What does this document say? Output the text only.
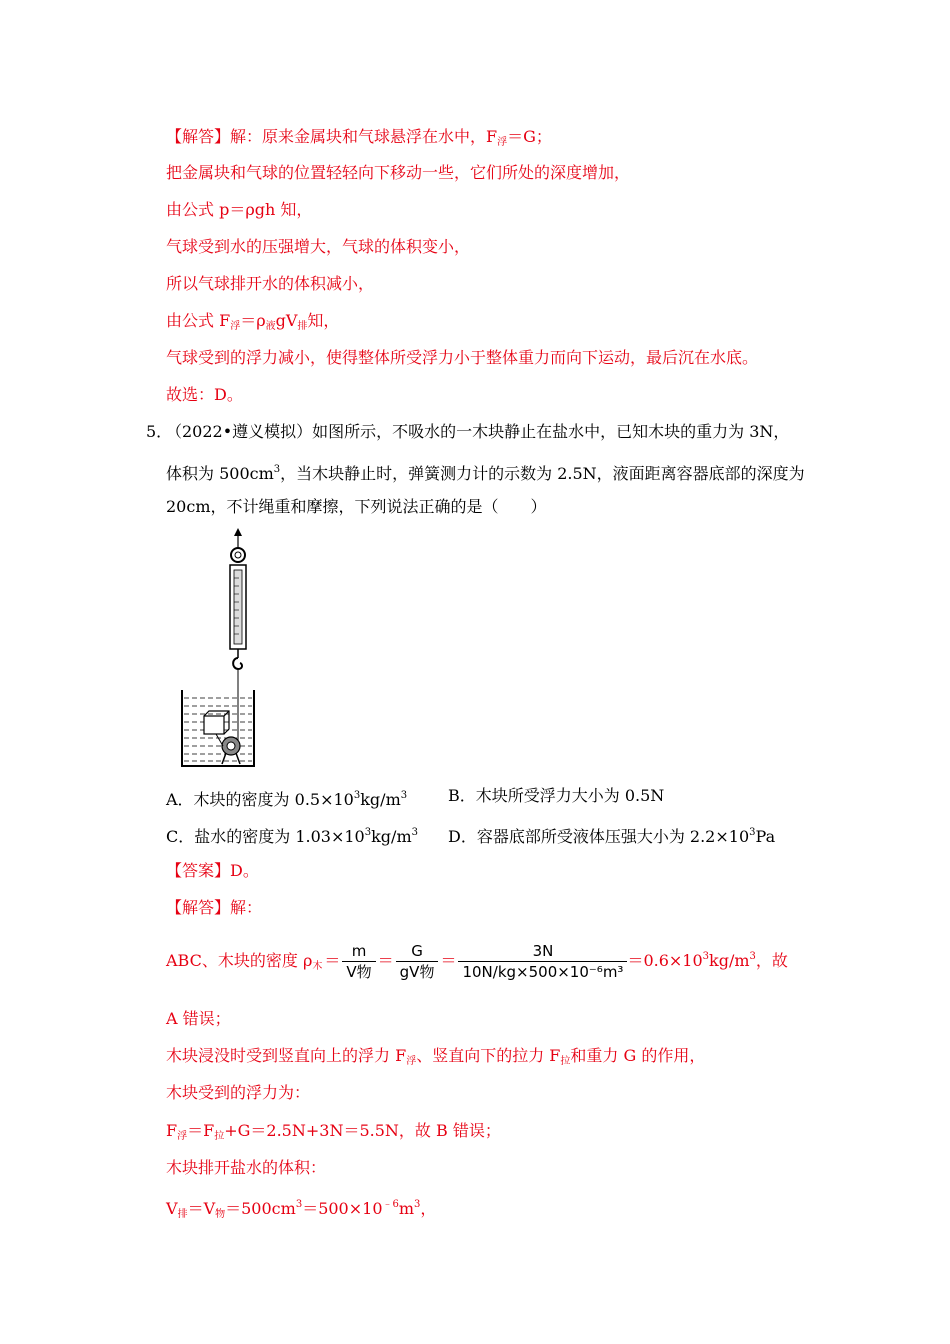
【解答】解：原来金属块和气球悬浮在水中，$F_浮=G$；
把金属块和气球的位置轻轻向下移动一些，它们所处的深度增加，
由公式 p＝ρgh 知，
气球受到水的压强增大，气球的体积变小，
所以气球排开水的体积减小，
由公式 $F_浮=\rho_液gV_排$知，
气球受到的浮力减小，使得整体所受浮力小于整体重力而向下运动，最后沉在水底。
故选：D。
5．
（2022•遵义模拟）如图所示，不吸水的一木块静止在盐水中，已知木块的重力为 3N，
体积为 $500cm^3$，当木块静止时，弹簧测力计的示数为 2.5N，液面距离容器底部的深度为
20cm，不计绳重和摩擦，下列说法正确的是（　　）
A．木块的密度为 $0.5\times 10^3kg/m^3$	B．木块所受浮力大小为 0.5N
C．盐水的密度为 $1.03\times 10^3kg/m^3$ D．容器底部所受液体压强大小为 $2.2\times 10^3Pa$
【答案】D。
【解答】解：
ABC、木块的密度 $\rho_木 = \frac{m}{\text{V物}} = \frac{G}{\text{gV物}} = \frac{3N}{\text{10N/kg×500×10⁻⁶m³}} =0.6\times 10^3kg/m^3$，故
A 错误；
木块浸没时受到竖直向上的浮力 $F_浮$、竖直向下的拉力 $F_拉$和重力 G 的作用，
木块受到的浮力为：
$F_浮=F_拉+G=2.5N+3N=5.5N$，故 B 错误；
木块排开盐水的体积：
$V_排=V_物=500cm^3=500\times 10^{﹣6}m^3$，
